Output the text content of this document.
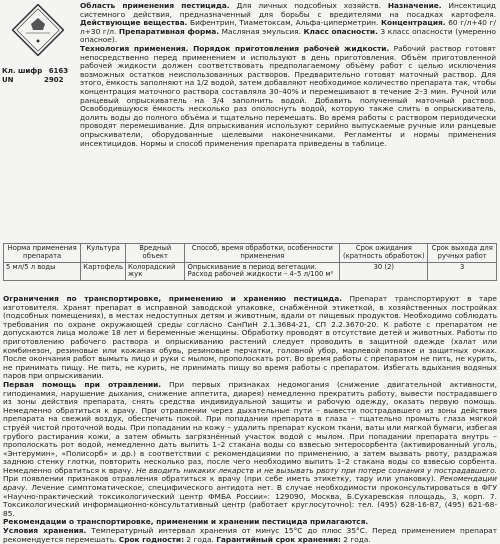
Кл. шифр 6163
UN	2902

Область применения пестицида. Для личных подсобных хозяйств. Назначение. Инсектицид системного действия, предназначенный для борьбы с вредителями на посадках картофеля. Действующие вещества. Бифентрин, Тиаметоксам, Альфа-циперметрин. Концентрация. 60 г/л+40 г/л+30 г/л. Препаративная форма. Масляная эмульсия. Класс опасности. 3 класс опасности (умеренно опасное).

Технология применения. Порядок приготовления рабочей жидкости. Рабочий раствор готовят непосредственно перед применением и используют в день приготовления. Объём приготовленной рабочей жидкости должен соответствовать предполагаемому объёму работ с целью исключения возможных остатков неиспользованных растворов. Предварительно готовят маточный раствор. Для этого, ёмкость заполняют на 1/2 водой, затем добавляют необходимое количество препарата так, чтобы концентрация маточного раствора составляла 30–40% и перемешивают в течение 2–3 мин. Ручной или ранцевый опрыскиватель на 3/4 заполнить водой. Добавить полученный маточный раствор. Освободившуюся ёмкость несколько раз ополоснуть водой, которую также слить в опрыскиватель, долить воды до полного объёма и тщательно перемешать. Во время работы с раствором периодически проводят перемешивание. Для опрыскивания используют серийно выпускаемые ручные или ранцевые опрыскиватели, оборудованные щелевыми наконечниками. Регламенты и нормы применения инсектицидов. Нормы и способ применения препарата приведены в таблице.

Норма применения препарата	Культура	Вредный объект	Способ, время обработки, особенности применения	Срок ожидания (кратность обработок)	Срок выхода для ручных работ
5 мл/5 л воды	Картофель	Колорадский жук	Опрыскивание в период вегетации. Расход рабочей жидкости – 4–5 л/100 м²	30 (2)	3

Ограничения по транспортировке, применению и хранению пестицида. Препарат транспортируют в таре изготовителя. Хранят препарат в исправной заводской упаковке, снабжённой этикеткой, в хозяйственных постройках (подсобных помещениях), в местах недоступных детям и животным, вдали от пищевых продуктов. Необходимо соблюдать требования по охране окружающей среды согласно СанПиН 2.1.3684-21, СП 2.2.3670-20. К работе с препаратом не допускаются лица моложе 18 лет и беременные женщины. Обработку проводят в отсутствие детей и животных. Работы по приготовлению рабочего раствора и опрыскиванию растений следует проводить в защитной одежде (халат или комбинезон, резиновые или кожаная обувь, резиновые перчатки, головной убор, марлевой повязке и защитных очках. После окончания работ вымыть лицо и руки с мылом, прополоскать рот. Во время работы с препаратом не пить, не курить, не принимать пищу. Не пить, не курить, не принимать пищу во время работы с препаратом. Избегать вдыхания водяных паров при опрыскивании.

Первая помощь при отравлении. При первых признаках недомогания (снижение двигательной активности, гиподинамия, нарушение дыхания, снижение аппетита, диарея) немедленно прекратить работу, вывести пострадавшего из зоны действия препарата, снять средства индивидуальной защиты и рабочую одежду, оказать первую помощь. Немедленно обратиться к врачу. При отравлении через дыхательные пути – вывести пострадавшего из зоны действия препарата на свежий воздух, обеспечить покой. При попадании препарата в глаза – тщательно промыть глаза мягкой струёй чистой проточной воды. При попадании на кожу – удалить препарат куском ткани, ваты или мягкой бумаги, избегая грубого растирания кожи, а затем обмыть загрязнённый участок водой с мылом. При попадании препарата внутрь – прополоскать рот водой, немедленно дать выпить 1–2 стакана воды со взвесью энтеросорбента (активированный уголь, «Энтерумин», «Полисорб» и др.) в соответствии с рекомендациями по применению, а затем вызвать рвоту, раздражая заднюю стенку глотки, повторить несколько раз, после чего необходимо выпить 1–2 стакана воды со взвесью сорбента. Немедленно обратиться к врачу. Не вводить никаких лекарств и не вызывать рвоту при потере сознания у пострадавшего. При появлении признаков отравления обратиться к врачу (при себе иметь этикетку, тару или упаковку). Рекомендации врачу. Лечение симптоматическое, специфического антидота нет. В случае необходимости проконсультироваться в ФГУ «Научно-практический токсикологический центр ФМБА России»: 129090, Москва, Б.Сухаревская площадь, 3, корп. 7. Токсикологический информационно-консультативный центр (работает круглосуточно): тел. (495) 628-16-87, (495) 621-68-85.

Рекомендации о транспортировке, применении и хранении пестицида прилагаются.

Условия хранения. Температурный интервал хранения от минус 15°С до плюс 35°С. Перед применением препарат рекомендуется перемешать. Срок годности: 2 года. Гарантийный срок хранения: 2 года.
